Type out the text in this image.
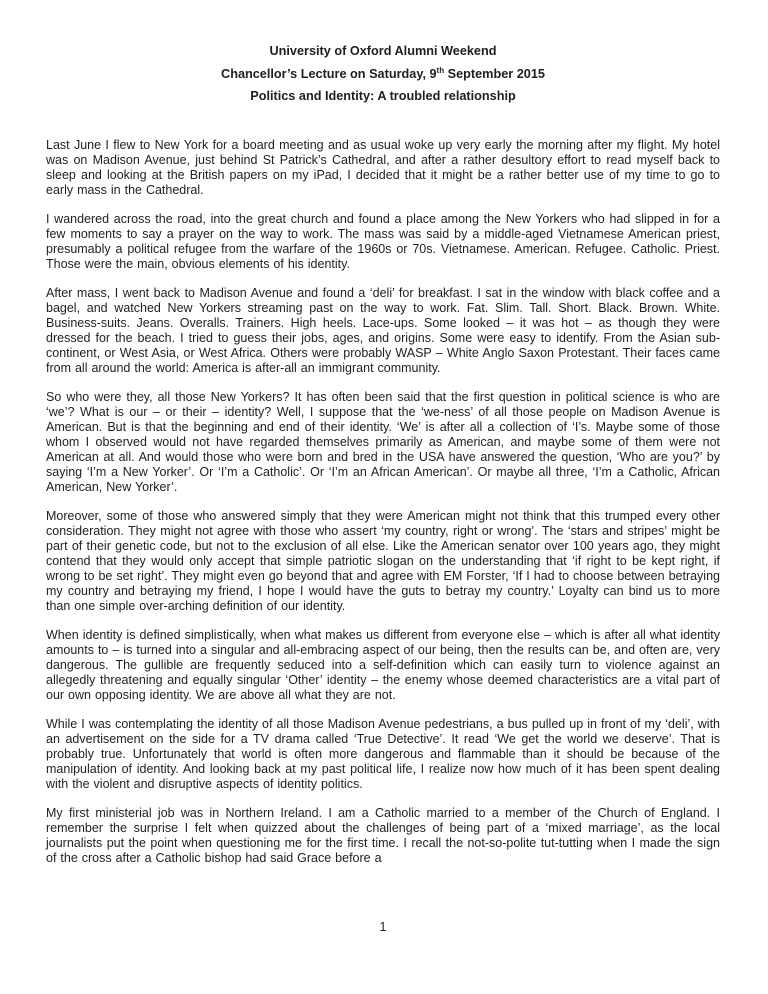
University of Oxford Alumni Weekend
Chancellor’s Lecture on Saturday, 9th September 2015
Politics and Identity: A troubled relationship

Last June I flew to New York for a board meeting and as usual woke up very early the morning after my flight. My hotel was on Madison Avenue, just behind St Patrick’s Cathedral, and after a rather desultory effort to read myself back to sleep and looking at the British papers on my iPad, I decided that it might be a rather better use of my time to go to early mass in the Cathedral.

I wandered across the road, into the great church and found a place among the New Yorkers who had slipped in for a few moments to say a prayer on the way to work. The mass was said by a middle-aged Vietnamese American priest, presumably a political refugee from the warfare of the 1960s or 70s. Vietnamese. American. Refugee. Catholic. Priest. Those were the main, obvious elements of his identity.

After mass, I went back to Madison Avenue and found a ‘deli’ for breakfast. I sat in the window with black coffee and a bagel, and watched New Yorkers streaming past on the way to work. Fat. Slim. Tall. Short. Black. Brown. White. Business-suits. Jeans. Overalls. Trainers. High heels. Lace-ups. Some looked – it was hot – as though they were dressed for the beach. I tried to guess their jobs, ages, and origins. Some were easy to identify. From the Asian sub-continent, or West Asia, or West Africa. Others were probably WASP – White Anglo Saxon Protestant. Their faces came from all around the world: America is after-all an immigrant community.

So who were they, all those New Yorkers? It has often been said that the first question in political science is who are ‘we’? What is our – or their – identity? Well, I suppose that the ‘we-ness’ of all those people on Madison Avenue is American. But is that the beginning and end of their identity. ‘We’ is after all a collection of ‘I’s. Maybe some of those whom I observed would not have regarded themselves primarily as American, and maybe some of them were not American at all. And would those who were born and bred in the USA have answered the question, ‘Who are you?’ by saying ‘I’m a New Yorker’. Or ‘I’m a Catholic’. Or ‘I’m an African American’. Or maybe all three, ‘I’m a Catholic, African American, New Yorker’.

Moreover, some of those who answered simply that they were American might not think that this trumped every other consideration. They might not agree with those who assert ‘my country, right or wrong’. The ‘stars and stripes’ might be part of their genetic code, but not to the exclusion of all else. Like the American senator over 100 years ago, they might contend that they would only accept that simple patriotic slogan on the understanding that ‘if right to be kept right, if wrong to be set right’. They might even go beyond that and agree with EM Forster, ‘If I had to choose between betraying my country and betraying my friend, I hope I would have the guts to betray my country.’ Loyalty can bind us to more than one simple over-arching definition of our identity.

When identity is defined simplistically, when what makes us different from everyone else – which is after all what identity amounts to – is turned into a singular and all-embracing aspect of our being, then the results can be, and often are, very dangerous. The gullible are frequently seduced into a self-definition which can easily turn to violence against an allegedly threatening and equally singular ‘Other’ identity – the enemy whose deemed characteristics are a vital part of our own opposing identity. We are above all what they are not.

While I was contemplating the identity of all those Madison Avenue pedestrians, a bus pulled up in front of my ‘deli’, with an advertisement on the side for a TV drama called ‘True Detective’. It read ‘We get the world we deserve’. That is probably true. Unfortunately that world is often more dangerous and flammable than it should be because of the manipulation of identity. And looking back at my past political life, I realize now how much of it has been spent dealing with the violent and disruptive aspects of identity politics.

My first ministerial job was in Northern Ireland. I am a Catholic married to a member of the Church of England. I remember the surprise I felt when quizzed about the challenges of being part of a ‘mixed marriage’, as the local journalists put the point when questioning me for the first time. I recall the not-so-polite tut-tutting when I made the sign of the cross after a Catholic bishop had said Grace before a

1
